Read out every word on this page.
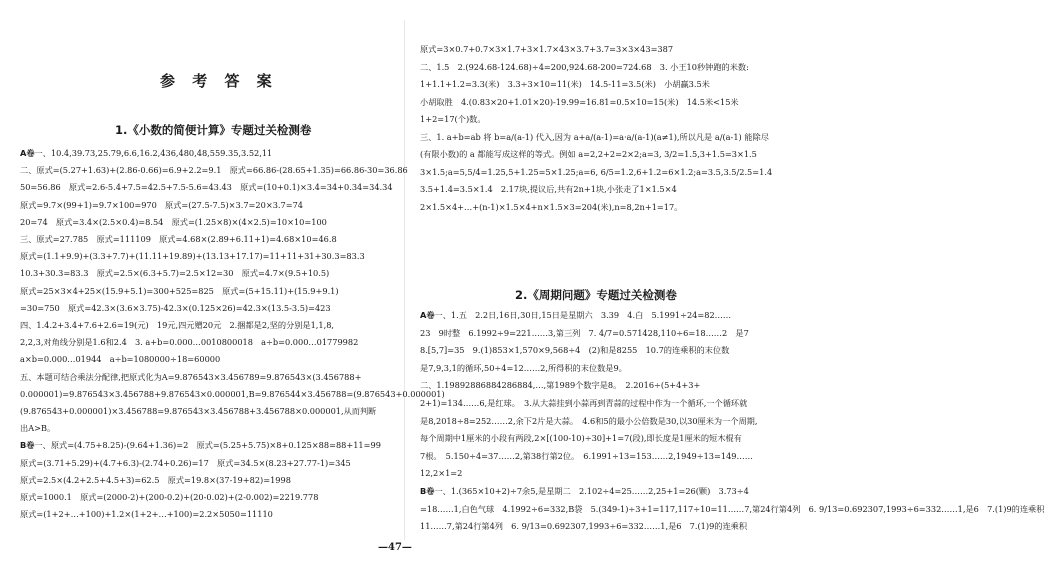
参 考 答 案
1.《小数的简便计算》专题过关检测卷
A卷一、10.4,39.73,25.79,6.6,16.2,436,480,48,559.35,3.52,11
二、原式=(5.27+1.63)+(2.86-0.66)=6.9+2.2=9.1　原式=66.86-(28.65+1.35)=66.86-30=36.86
50=56.86　原式=2.6-5.4+7.5=42.5+7.5-5.6=43.43　原式=(10+0.1)×3.4=34+0.34=34.34
原式=9.7×(99+1)=9.7×100=970　原式=(27.5-7.5)×3.7=20×3.7=74
20=74　原式=3.4×(2.5×0.4)=8.54　原式=(1.25×8)×(4×2.5)=10×10=100
三、原式=27.785　原式=111109　原式=4.68×(2.89+6.11+1)=4.68×10=46.8
原式=(1.1+9.9)+(3.3+7.7)+(11.11+19.89)+(13.13+17.17)=11+11+31+30.3=83.3
10.3+30.3=83.3　原式=2.5×(6.3+5.7)=2.5×12=30　原式=4.7×(9.5+10.5)
原式=25×3×4+25×(15.9+5.1)=300+525=825　原式=(5+15.11)+(15.9+9.1)
=30=750　原式=42.3×(3.6×3.75)-42.3×(0.125×26)=42.3×(13.5-3.5)=423
四、1.4.2+3.4+7.6+2.6=19(元)　19元,四元赠20元　2.捆都是2,坚的分别是1,1,8,
2,2,3,对角线分别是1.6和2.4　3. a+b=0.000…0010800018　a÷b=0.000…01779982
a×b=0.000…01944　a÷b=1080000÷18=60000
五、本题可结合乘法分配律,把原式化为A=9.876543×3.456789=9.876543×(3.456788+
0.000001)=9.876543×3.456788+9.876543×0.000001,B=9.876544×3.456788=(9.876543+0.000001)
(9.876543+0.000001)×3.456788=9.876543×3.456788+3.456788×0.000001,从而判断
出A>B。
B卷一、原式=(4.75+8.25)-(9.64+1.36)=2　原式=(5.25+5.75)×8+0.125×88=88+11=99
原式=(3.71+5.29)+(4.7+6.3)-(2.74+0.26)=17　原式=34.5×(8.23+27.77-1)=345
原式=2.5×(4.2+2.5+4.5+3)=62.5　原式=19.8×(37-19+82)=1998
原式=1000.1　原式=(2000-2)+(200-0.2)+(20-0.02)+(2-0.002)=2219.778
原式=(1+2+…+100)+1.2×(1+2+…+100)=2.2×5050=11110
原式=3×0.7+0.7×3×1.7+3×1.7×43×3.7+3.7=3×3×43=387
二、1.5　2.(924.68-124.68)÷4=200,924.68-200=724.68　3. 小王10秒钟跑的米数:
1+1.1+1.2=3.3(米)　3.3÷3×10=11(米)　14.5-11=3.5(米)　小胡赢3.5米
小胡取胜　4.(0.83×20+1.01×20)-19.99=16.81=0.5×10=15(米)　14.5米<15米
1+2=17(个)数。
三、1. a+b=ab 将 b=a/(a-1) 代入,因为 a+a/(a-1)=a·a/(a-1)(a≠1),所以凡是 a/(a-1) 能除尽
(有限小数)的 a 都能写成这样的等式。例如 a=2,2+2=2×2;a=3, 3/2=1.5,3+1.5=3×1.5
3×1.5;a=5,5/4=1.25,5+1.25=5×1.25;a=6, 6/5=1.2,6+1.2=6×1.2;a=3.5,3.5/2.5=1.4
3.5+1.4=3.5×1.4　2.17块,提议后,共有2n+1块,小张走了1×1.5×4
2×1.5×4+…+(n-1)×1.5×4+n×1.5×3=204(米),n=8,2n+1=17。
2.《周期问题》专题过关检测卷
A卷一、1.五　2.2日,16日,30日,15日是星期六　3.39　4.白　5.1991÷24=82……
23　9时整　6.1992÷9=221……3,第三列　7. 4/7=0.571428,110÷6=18……2　是7
8.[5,7]=35　9.(1)853×1,570×9,568÷4　(2)和是8255　10.7的连乘积的末位数
是7,9,3,1的循环,50÷4=12……2,所得积的末位数是9。
二、1.19892886884286884,…,第1989个数字是8。　2.2016÷(5+4+3+
2+1)=134……6,是红球。　3.从大蒜挂到小蒜再到青蒜的过程中作为一个循环,一个循环就
是8,2018÷8=252……2,余下2片是大蒜。　4.6和5的最小公倍数是30,以30厘米为一个周期,
每个周期中1厘米的小段有两段,2×[(100-10)÷30]+1=7(段),即长度是1厘米的短木棍有
7根。　5.150÷4=37……2,第38行第2位。　6.1991÷13=153……2,1949÷13=149……
12,2×1=2
B卷一、1.(365×10+2)÷7余5,是星期二　2.102÷4=25……2,25+1=26(颗)　3.73÷4
=18……1,白色气球　4.1992÷6=332,B袋　5.(349-1)÷3+1=117,117÷10=11……7,第24行第4列　6. 9/13=0.692307,1993÷6=332……1,是6　7.(1)9的连乘积
11……7,第24行第4列　6. 9/13=0.692307,1993÷6=332……1,是6　7.(1)9的连乘积
—47—
